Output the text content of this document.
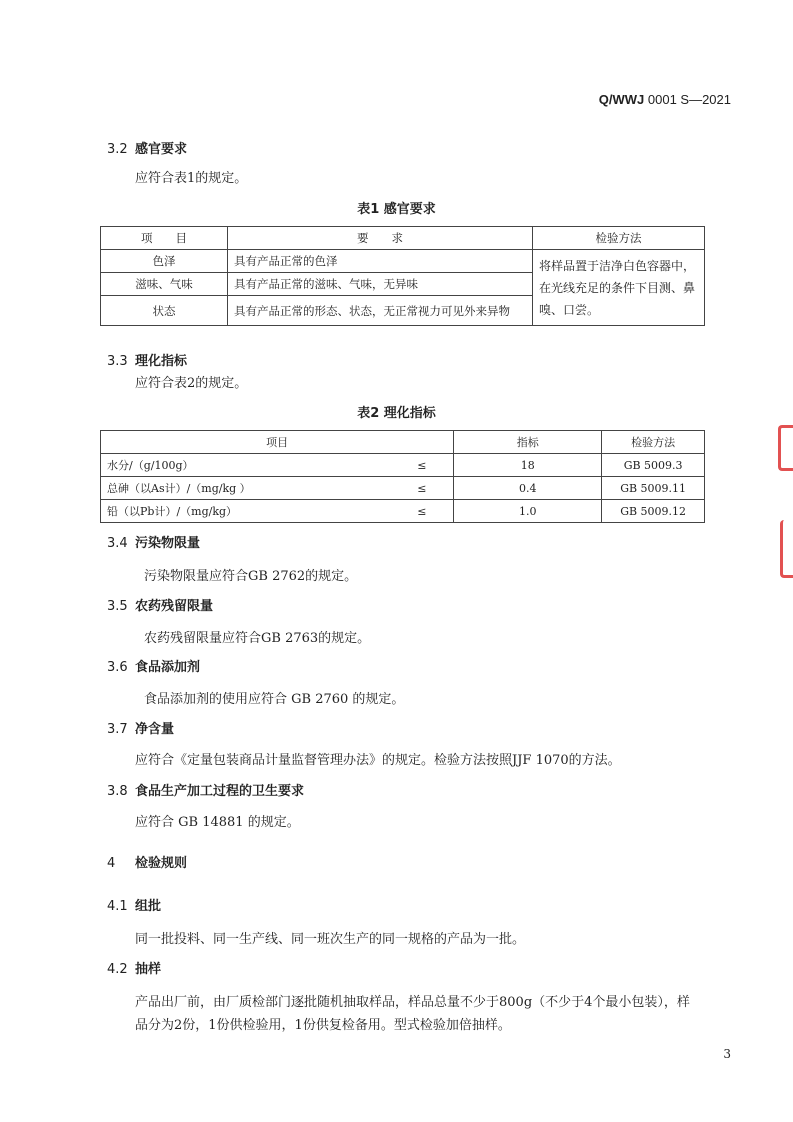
Q/WWJ 0001 S—2021
3.2 感官要求
应符合表1的规定。
表1 感官要求
项　　目	要　　求	检验方法
色泽	具有产品正常的色泽	将样品置于洁净白色容器中，在光线充足的条件下目测、鼻嗅、口尝。
滋味、气味	具有产品正常的滋味、气味，无异味	
状态	具有产品正常的形态、状态，无正常视力可见外来异物	
3.3 理化指标
应符合表2的规定。
表2 理化指标
项目		指标	检验方法
水分/（g/100g）	≤	18	GB 5009.3
总砷（以As计）/（mg/kg ）	≤	0.4	GB 5009.11
铅（以Pb计）/（mg/kg）	≤	1.0	GB 5009.12
3.4 污染物限量
污染物限量应符合GB 2762的规定。
3.5 农药残留限量
农药残留限量应符合GB 2763的规定。
3.6 食品添加剂
食品添加剂的使用应符合 GB 2760 的规定。
3.7 净含量
应符合《定量包装商品计量监督管理办法》的规定。检验方法按照JJF 1070的方法。
3.8 食品生产加工过程的卫生要求
应符合 GB 14881 的规定。
4 检验规则
4.1 组批
同一批投料、同一生产线、同一班次生产的同一规格的产品为一批。
4.2 抽样
产品出厂前，由厂质检部门逐批随机抽取样品，样品总量不少于800g（不少于4个最小包装），样
品分为2份，1份供检验用，1份供复检备用。型式检验加倍抽样。
3
